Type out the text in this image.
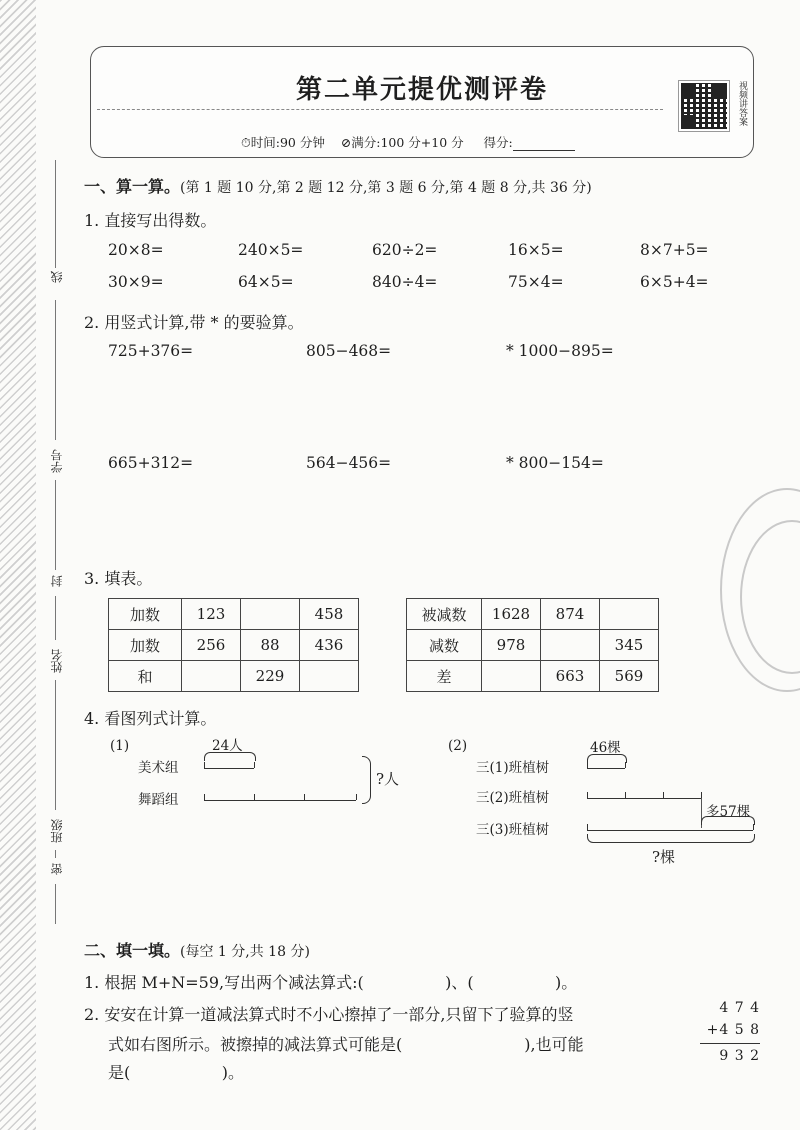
线
学号
封
姓名
班级
密
第二单元提优测评卷
⏱时间:90 分钟 ⊘满分:100 分+10 分 得分:
视频讲答案
一、算一算。(第 1 题 10 分,第 2 题 12 分,第 3 题 6 分,第 4 题 8 分,共 36 分)
1. 直接写出得数。
20×8=	240×5=	620÷2=	16×5=	8×7+5=
30×9=	64×5=	840÷4=	75×4=	6×5+4=
2. 用竖式计算,带 * 的要验算。
725+376=	805−468=	* 1000−895=
665+312=	564−456=	* 800−154=
3. 填表。
加数	123		458
加数	256	88	436
和		229	
被减数	1628	874	
减数	978		345
差		663	569
4. 看图列式计算。
(1)	24人
美术组
舞蹈组
?人
(2)	46棵
三(1)班植树
三(2)班植树
多57棵
三(3)班植树
?棵
二、填一填。(每空 1 分,共 18 分)
1. 根据 M+N=59,写出两个减法算式:(                )、(                )。
2. 安安在计算一道减法算式时不小心擦掉了一部分,只留下了验算的竖
式如右图所示。被擦掉的减法算式可能是(                        ),也可能
是(                  )。
4 7 4
+4 5 8
9 3 2
